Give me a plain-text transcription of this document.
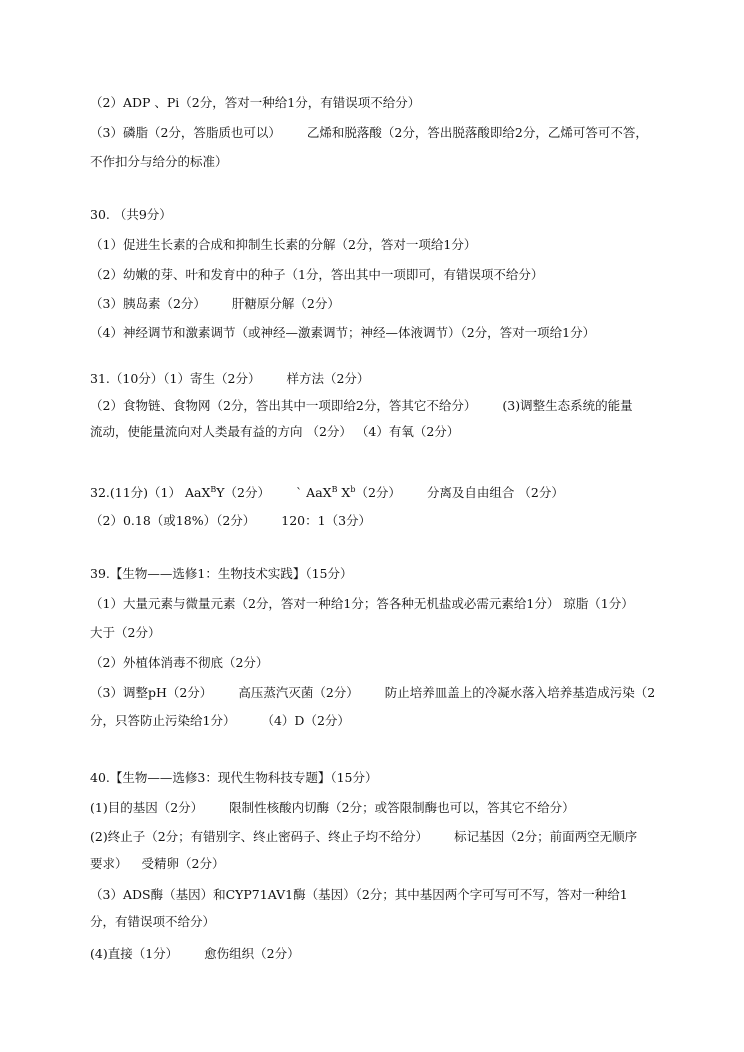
（2）ADP 、Pi（2分，答对一种给1分，有错误项不给分）
（3）磷脂（2分，答脂质也可以） 乙烯和脱落酸（2分，答出脱落酸即给2分，乙烯可答可不答，
不作扣分与给分的标准）
30. （共9分）
（1）促进生长素的合成和抑制生长素的分解（2分，答对一项给1分）
（2）幼嫩的芽、叶和发育中的种子（1分，答出其中一项即可，有错误项不给分）
（3）胰岛素（2分） 肝糖原分解（2分）
（4）神经调节和激素调节（或神经—激素调节；神经—体液调节）（2分，答对一项给1分）
31.（10分）（1）寄生（2分） 样方法（2分）
（2）食物链、食物网（2分，答出其中一项即给2分，答其它不给分） (3)调整生态系统的能量
流动，使能量流向对人类最有益的方向 （2分） （4）有氧（2分）
32.(11分)（1） AaX$^B$Y（2分） ` AaX$^B$ $X^b(2$分） 分离及自由组合 （2分）
（2）0.18（或18%）（2分） 120：1（3分）
39.【生物——选修1：生物技术实践】（15分）
（1）大量元素与微量元素（2分，答对一种给1分；答各种无机盐或必需元素给1分） 琼脂（1分）
大于（2分）
（2）外植体消毒不彻底（2分）
（3）调整pH（2分） 高压蒸汽灭菌（2分） 防止培养皿盖上的冷凝水落入培养基造成污染（2
分，只答防止污染给1分） （4）D（2分）
40.【生物——选修3：现代生物科技专题】（15分）
(1)目的基因（2分） 限制性核酸内切酶（2分；或答限制酶也可以，答其它不给分）
(2)终止子（2分；有错别字、终止密码子、终止子均不给分） 标记基因（2分；前面两空无顺序
要求） 受精卵（2分）
（3）ADS酶（基因）和CYP71AV1酶（基因）（2分；其中基因两个字可写可不写，答对一种给1
分，有错误项不给分）
(4)直接（1分） 愈伤组织（2分）
